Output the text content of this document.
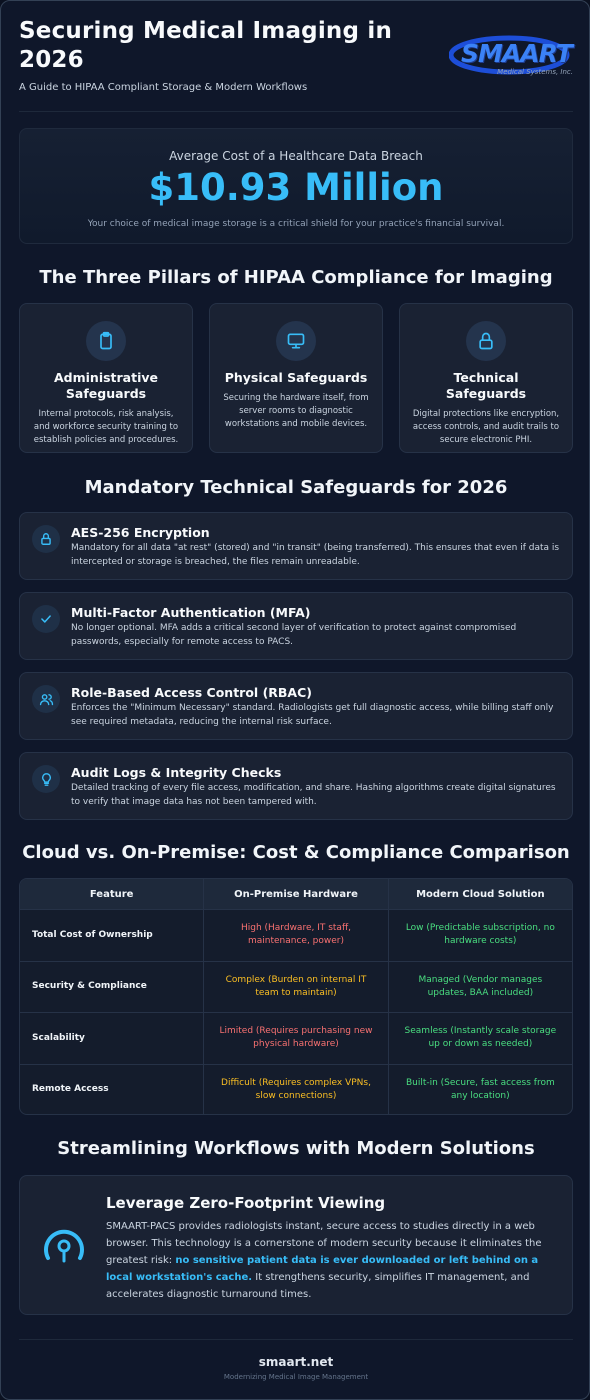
Securing Medical Imaging in 2026
A Guide to HIPAA Compliant Storage & Modern Workflows
SMAART
Medical Systems, Inc.
Average Cost of a Healthcare Data Breach
$10.93 Million
Your choice of medical image storage is a critical shield for your practice's financial survival.
The Three Pillars of HIPAA Compliance for Imaging
Administrative Safeguards

Internal protocols, risk analysis, and workforce security training to establish policies and procedures.

Physical Safeguards

Securing the hardware itself, from server rooms to diagnostic workstations and mobile devices.

Technical Safeguards

Digital protections like encryption, access controls, and audit trails to secure electronic PHI.

Mandatory Technical Safeguards for 2026
AES-256 Encryption

Mandatory for all data "at rest" (stored) and "in transit" (being transferred). This ensures that even if data is intercepted or storage is breached, the files remain unreadable.

Multi-Factor Authentication (MFA)

No longer optional. MFA adds a critical second layer of verification to protect against compromised passwords, especially for remote access to PACS.

Role-Based Access Control (RBAC)

Enforces the "Minimum Necessary" standard. Radiologists get full diagnostic access, while billing staff only see required metadata, reducing the internal risk surface.

Audit Logs & Integrity Checks

Detailed tracking of every file access, modification, and share. Hashing algorithms create digital signatures to verify that image data has not been tampered with.

Cloud vs. On-Premise: Cost & Compliance Comparison
Feature	On-Premise Hardware	Modern Cloud Solution
Total Cost of Ownership
High (Hardware, IT staff, maintenance, power)
Low (Predictable subscription, no hardware costs)
Security & Compliance
Complex (Burden on internal IT team to maintain)
Managed (Vendor manages updates, BAA included)
Scalability
Limited (Requires purchasing new physical hardware)
Seamless (Instantly scale storage up or down as needed)
Remote Access
Difficult (Requires complex VPNs, slow connections)
Built-in (Secure, fast access from any location)
Streamlining Workflows with Modern Solutions
Leverage Zero-Footprint Viewing

SMAART-PACS provides radiologists instant, secure access to studies directly in a web browser. This technology is a cornerstone of modern security because it eliminates the greatest risk: no sensitive patient data is ever downloaded or left behind on a local workstation's cache. It strengthens security, simplifies IT management, and accelerates diagnostic turnaround times.

smaart.net
Modernizing Medical Image Management
